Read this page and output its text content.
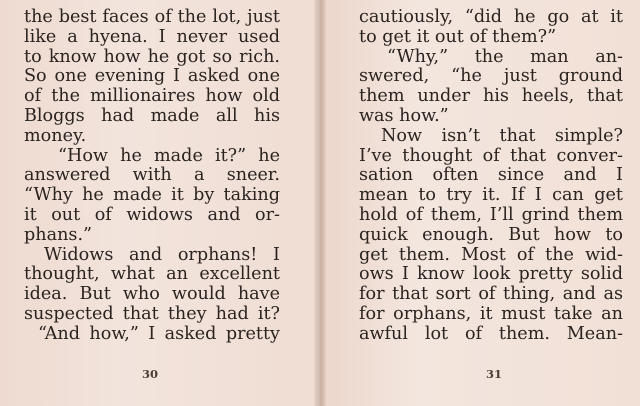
the best faces of the lot, just
like a hyena. I never used
to know how he got so rich.
So one evening I asked one
of the millionaires how old
Bloggs had made all his
money.
“How he made it?” he
answered with a sneer.
“Why he made it by taking
it out of widows and or-
phans.”
Widows and orphans! I
thought, what an excellent
idea. But who would have
suspected that they had it?
“And how,” I asked pretty
30
cautiously, “did he go at it
to get it out of them?”
“Why,” the man an-
swered, “he just ground
them under his heels, that
was how.”
Now isn’t that simple?
I’ve thought of that conver-
sation often since and I
mean to try it. If I can get
hold of them, I’ll grind them
quick enough. But how to
get them. Most of the wid-
ows I know look pretty solid
for that sort of thing, and as
for orphans, it must take an
awful lot of them. Mean-
31
